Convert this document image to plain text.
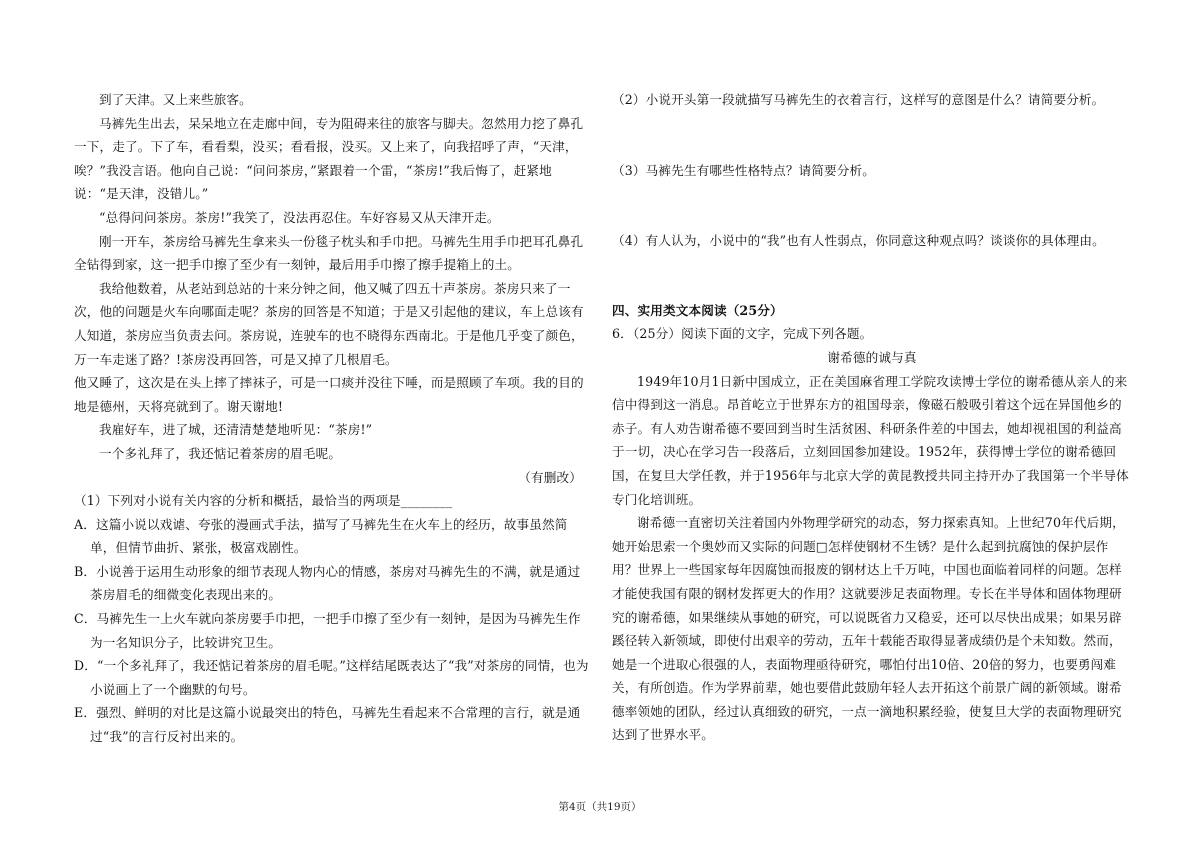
到了天津。又上来些旅客。

马裤先生出去，呆呆地立在走廊中间，专为阻碍来往的旅客与脚夫。忽然用力挖了鼻孔一下，走了。下了车，看看梨，没买；看看报，没买。又上来了，向我招呼了声，“天津，唉？”我没言语。他向自己说：“问问茶房，”紧跟着一个雷，“茶房!”我后悔了，赶紧地说：“是天津，没错儿。”

“总得问问茶房。茶房!”我笑了，没法再忍住。车好容易又从天津开走。

刚一开车，茶房给马裤先生拿来头一份毯子枕头和手巾把。马裤先生用手巾把耳孔鼻孔全钻得到家，这一把手巾擦了至少有一刻钟，最后用手巾擦了擦手提箱上的土。

我给他数着，从老站到总站的十来分钟之间，他又喊了四五十声茶房。茶房只来了一次，他的问题是火车向哪面走呢？茶房的回答是不知道；于是又引起他的建议，车上总该有人知道，茶房应当负责去问。茶房说，连驶车的也不晓得东西南北。于是他几乎变了颜色，万一车走迷了路？!茶房没再回答，可是又掉了几根眉毛。

他又睡了，这次是在头上摔了摔袜子，可是一口痰并没往下唾，而是照顾了车项。我的目的地是德州，天将亮就到了。谢天谢地!

我雇好车，进了城，还清清楚楚地听见：“茶房!”

一个多礼拜了，我还惦记着茶房的眉毛呢。

（有删改）

（1）下列对小说有关内容的分析和概括，最恰当的两项是________

A．这篇小说以戏谑、夸张的漫画式手法，描写了马裤先生在火车上的经历，故事虽然简单，但情节曲折、紧张，极富戏剧性。

B．小说善于运用生动形象的细节表现人物内心的情感，茶房对马裤先生的不满，就是通过茶房眉毛的细微变化表现出来的。

C．马裤先生一上火车就向茶房要手巾把，一把手巾擦了至少有一刻钟，是因为马裤先生作为一名知识分子，比较讲究卫生。

D．“一个多礼拜了，我还惦记着茶房的眉毛呢。”这样结尾既表达了“我”对茶房的同情，也为小说画上了一个幽默的句号。

E．强烈、鲜明的对比是这篇小说最突出的特色，马裤先生看起来不合常理的言行，就是通过“我”的言行反衬出来的。

（2）小说开头第一段就描写马裤先生的衣着言行，这样写的意图是什么？请简要分析。

（3）马裤先生有哪些性格特点？请简要分析。

（4）有人认为，小说中的“我”也有人性弱点，你同意这种观点吗？谈谈你的具体理由。

四、实用类文本阅读（25分）

6．（25分）阅读下面的文字，完成下列各题。

谢希德的诚与真

1949年10月1日新中国成立，正在美国麻省理工学院攻读博士学位的谢希德从亲人的来信中得到这一消息。昂首屹立于世界东方的祖国母亲，像磁石般吸引着这个远在异国他乡的赤子。有人劝告谢希德不要回到当时生活贫困、科研条件差的中国去，她却视祖国的利益高于一切，决心在学习告一段落后，立刻回国参加建设。1952年，获得博士学位的谢希德回国，在复旦大学任教，并于1956年与北京大学的黄昆教授共同主持开办了我国第一个半导体专门化培训班。

谢希德一直密切关注着国内外物理学研究的动态，努力探索真知。上世纪70年代后期，她开始思索一个奥妙而又实际的问题□怎样使钢材不生锈？是什么起到抗腐蚀的保护层作用？世界上一些国家每年因腐蚀而报废的钢材达上千万吨，中国也面临着同样的问题。怎样才能使我国有限的钢材发挥更大的作用？这就要涉足表面物理。专长在半导体和固体物理研究的谢希德，如果继续从事她的研究，可以说既省力又稳妥，还可以尽快出成果；如果另辟蹊径转入新领域，即使付出艰辛的劳动，五年十载能否取得显著成绩仍是个未知数。然而，她是一个进取心很强的人，表面物理亟待研究，哪怕付出10倍、20倍的努力，也要勇闯难关，有所创造。作为学界前辈，她也要借此鼓励年轻人去开拓这个前景广阔的新领域。谢希德率领她的团队，经过认真细致的研究，一点一滴地积累经验，使复旦大学的表面物理研究达到了世界水平。

第4页（共19页）
